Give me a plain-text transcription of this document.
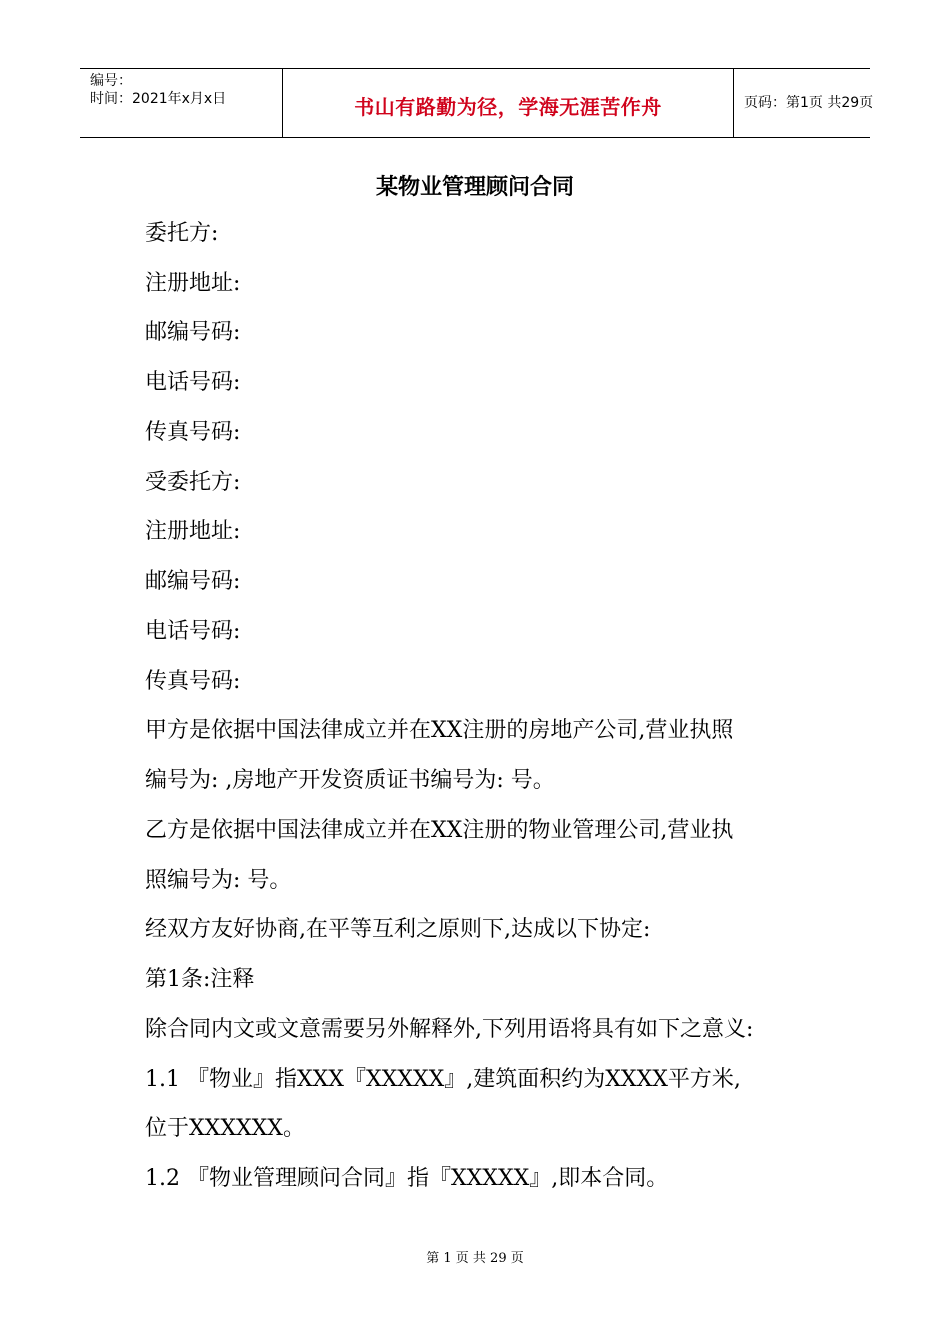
编号：
时间：2021年x月x日	书山有路勤为径，学海无涯苦作舟	页码：第1页 共29页
某物业管理顾问合同
委托方:
注册地址:
邮编号码:
电话号码:
传真号码:
受委托方:
注册地址:
邮编号码:
电话号码:
传真号码:
甲方是依据中国法律成立并在XX注册的房地产公司,营业执照
编号为: ,房地产开发资质证书编号为: 号。
乙方是依据中国法律成立并在XX注册的物业管理公司,营业执
照编号为: 号。
经双方友好协商,在平等互利之原则下,达成以下协定:
第1条:注释
除合同内文或文意需要另外解释外,下列用语将具有如下之意义:
1.1 『物业』指XXX『XXXXX』,建筑面积约为XXXX平方米,
位于XXXXXX。
1.2 『物业管理顾问合同』指『XXXXX』,即本合同。
第 1 页 共 29 页
